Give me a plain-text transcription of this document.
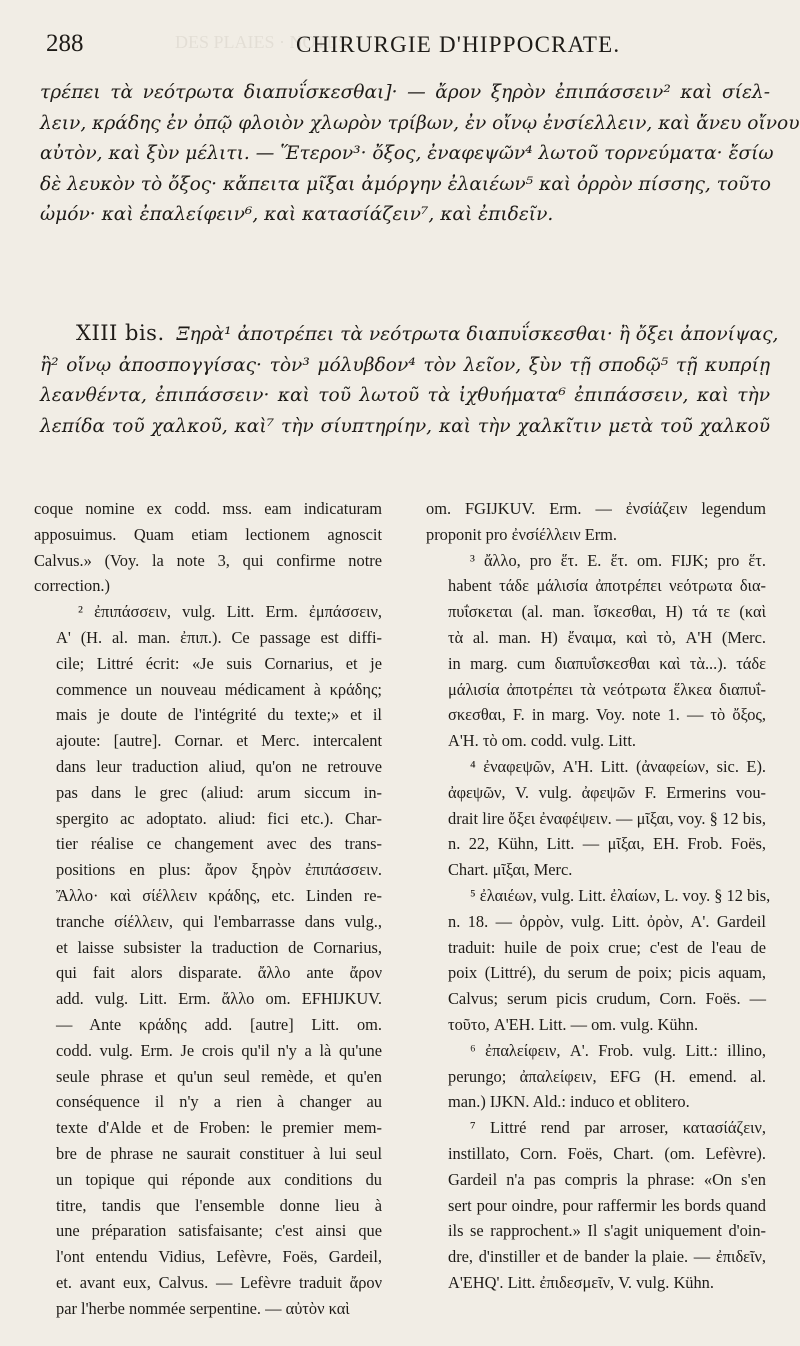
DES PLAIES · NOTES
288	CHIRURGIE D'HIPPOCRATE.
τρέπει τὰ νεότρωτα διαπυΐσκεσθαι]· — ἄρον ξηρὸν ἐπιπάσσειν² καὶ σίελ-
λειν, κράδης ἐν ὀπῷ φλοιὸν χλωρὸν τρίβων, ἐν οἴνῳ ἐνσίελλειν, καὶ ἄνευ οἴνου
αὐτὸν, καὶ ξὺν μέλιτι. — Ἕτερον³· ὄξος, ἐναφεψῶν⁴ λωτοῦ τορνεύματα· ἔσίω
δὲ λευκὸν τὸ ὄξος· κἄπειτα μῖξαι ἀμόργην ἐλαιέων⁵ καὶ ὀρρὸν πίσσης, τοῦτο
ὠμόν· καὶ ἐπαλείφειν⁶, καὶ κατασίάζειν⁷, καὶ ἐπιδεῖν.
XIII bis. Ξηρὰ¹ ἀποτρέπει τὰ νεότρωτα διαπυΐσκεσθαι· ἢ ὄξει ἀπονίψας,
ἢ² οἴνῳ ἀποσπογγίσας· τὸν³ μόλυβδον⁴ τὸν λεῖον, ξὺν τῇ σποδῷ⁵ τῇ κυπρίῃ
λεανθέντα, ἐπιπάσσειν· καὶ τοῦ λωτοῦ τὰ ἰχθυήματα⁶ ἐπιπάσσειν, καὶ τὴν
λεπίδα τοῦ χαλκοῦ, καὶ⁷ τὴν σίυπτηρίην, καὶ τὴν χαλκῖτιν μετὰ τοῦ χαλκοῦ
coque nomine ex codd. mss. eam indicaturam
apposuimus. Quam etiam lectionem agnoscit
Calvus.» (Voy. la note 3, qui confirme notre
correction.)
² ἐπιπάσσειν, vulg. Litt. Erm. ἐμπάσσειν,
A' (H. al. man. ἐπιπ.). Ce passage est diffi-
cile; Littré écrit: «Je suis Cornarius, et je
commence un nouveau médicament à κράδης;
mais je doute de l'intégrité du texte;» et il
ajoute: [autre]. Cornar. et Merc. intercalent
dans leur traduction aliud, qu'on ne retrouve
pas dans le grec (aliud: arum siccum in-
spergito ac adoptato. aliud: fici etc.). Char-
tier réalise ce changement avec des trans-
positions en plus: ἄρον ξηρὸν ἐπιπάσσειν.
Ἄλλο· καὶ σίέλλειν κράδης, etc. Linden re-
tranche σίέλλειν, qui l'embarrasse dans vulg.,
et laisse subsister la traduction de Cornarius,
qui fait alors disparate. ἄλλο ante ἄρον
add. vulg. Litt. Erm. ἄλλο om. EFHIJKUV.
— Ante κράδης add. [autre] Litt. om.
codd. vulg. Erm. Je crois qu'il n'y a là qu'une
seule phrase et qu'un seul remède, et qu'en
conséquence il n'y a rien à changer au
texte d'Alde et de Froben: le premier mem-
bre de phrase ne saurait constituer à lui seul
un topique qui réponde aux conditions du
titre, tandis que l'ensemble donne lieu à
une préparation satisfaisante; c'est ainsi que
l'ont entendu Vidius, Lefèvre, Foës, Gardeil,
et. avant eux, Calvus. — Lefèvre traduit ἄρον
par l'herbe nommée serpentine. — αὐτὸν καὶ
om. FGIJKUV. Erm. — ἐνσίάζειν legendum
proponit pro ἐνσίέλλειν Erm.
³ ἄλλο, pro ἕτ. E. ἕτ. om. FIJK; pro ἕτ.
habent τάδε μάλισία ἀποτρέπει νεότρωτα δια-
πυΐσκεται (al. man. ἴσκεσθαι, H) τά τε (καὶ
τὰ al. man. H) ἔναιμα, καὶ τὸ, A'H (Merc.
in marg. cum διαπυΐσκεσθαι καὶ τὰ...). τάδε
μάλισία ἀποτρέπει τὰ νεότρωτα ἕλκεα διαπυΐ-
σκεσθαι, F. in marg. Voy. note 1. — τὸ ὄξος,
A'H. τὸ om. codd. vulg. Litt.
⁴ ἐναφεψῶν, A'H. Litt. (ἀναφείων, sic. E).
ἀφεψῶν, V. vulg. ἀφεψῶν F. Ermerins vou-
drait lire ὄξει ἐναφέψειν. — μῖξαι, voy. § 12 bis,
n. 22, Kühn, Litt. — μῖξαι, EH. Frob. Foës,
Chart. μῖξαι, Merc.
⁵ ἐλαιέων, vulg. Litt. ἐλαίων, L. voy. § 12 bis,
n. 18. — ὀρρὸν, vulg. Litt. ὀρὸν, A'. Gardeil
traduit: huile de poix crue; c'est de l'eau de
poix (Littré), du serum de poix; picis aquam,
Calvus; serum picis crudum, Corn. Foës. —
τοῦτο, A'EH. Litt. — om. vulg. Kühn.
⁶ ἐπαλείφειν, A'. Frob. vulg. Litt.: illino,
perungo; ἀπαλείφειν, EFG (H. emend. al.
man.) IJKN. Ald.: induco et oblitero.
⁷ Littré rend par arroser, κατασίάζειν,
instillato, Corn. Foës, Chart. (om. Lefèvre).
Gardeil n'a pas compris la phrase: «On s'en
sert pour oindre, pour raffermir les bords quand
ils se rapprochent.» Il s'agit uniquement d'oin-
dre, d'instiller et de bander la plaie. — ἐπιδεῖν,
A'EHQ'. Litt. ἐπιδεσμεῖν, V. vulg. Kühn.
